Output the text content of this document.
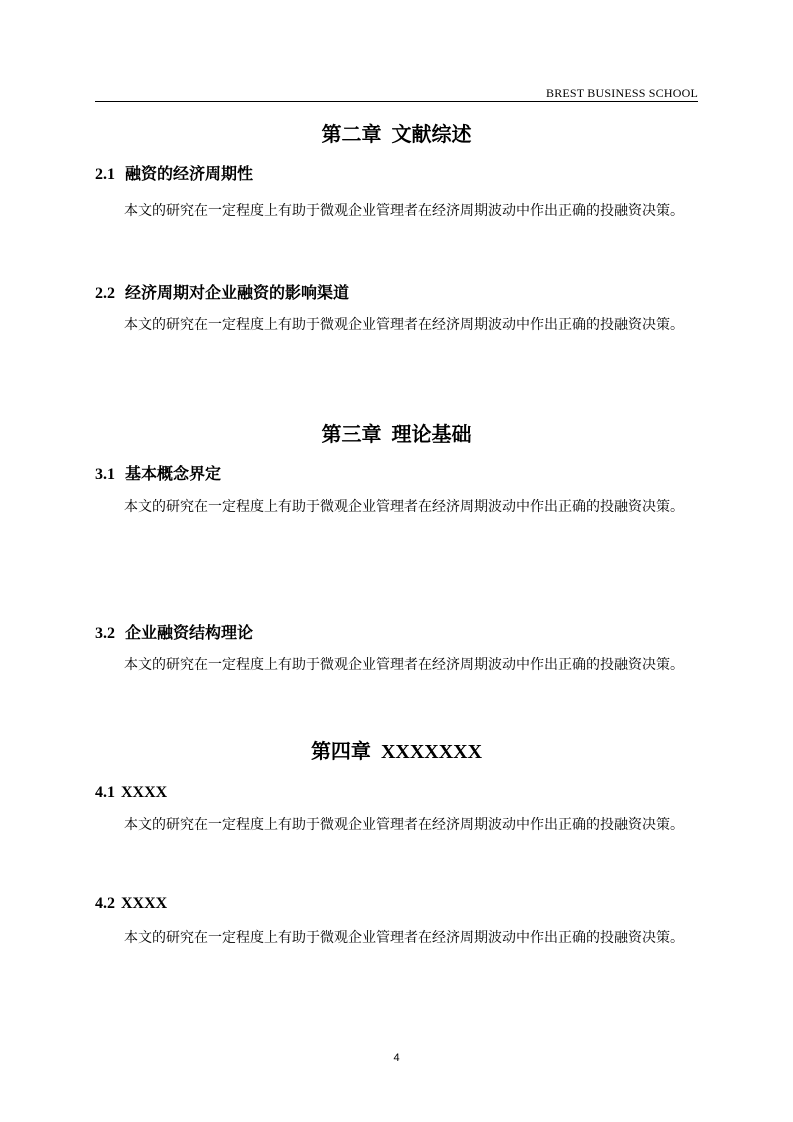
BREST BUSINESS SCHOOL
第二章 文献综述
2.1 融资的经济周期性

本文的研究在一定程度上有助于微观企业管理者在经济周期波动中作出正确的投融资决策。

2.2 经济周期对企业融资的影响渠道

本文的研究在一定程度上有助于微观企业管理者在经济周期波动中作出正确的投融资决策。

第三章 理论基础
3.1 基本概念界定

本文的研究在一定程度上有助于微观企业管理者在经济周期波动中作出正确的投融资决策。

3.2 企业融资结构理论

本文的研究在一定程度上有助于微观企业管理者在经济周期波动中作出正确的投融资决策。

第四章 XXXXXXX
4.1 XXXX

本文的研究在一定程度上有助于微观企业管理者在经济周期波动中作出正确的投融资决策。

4.2 XXXX

本文的研究在一定程度上有助于微观企业管理者在经济周期波动中作出正确的投融资决策。

4
